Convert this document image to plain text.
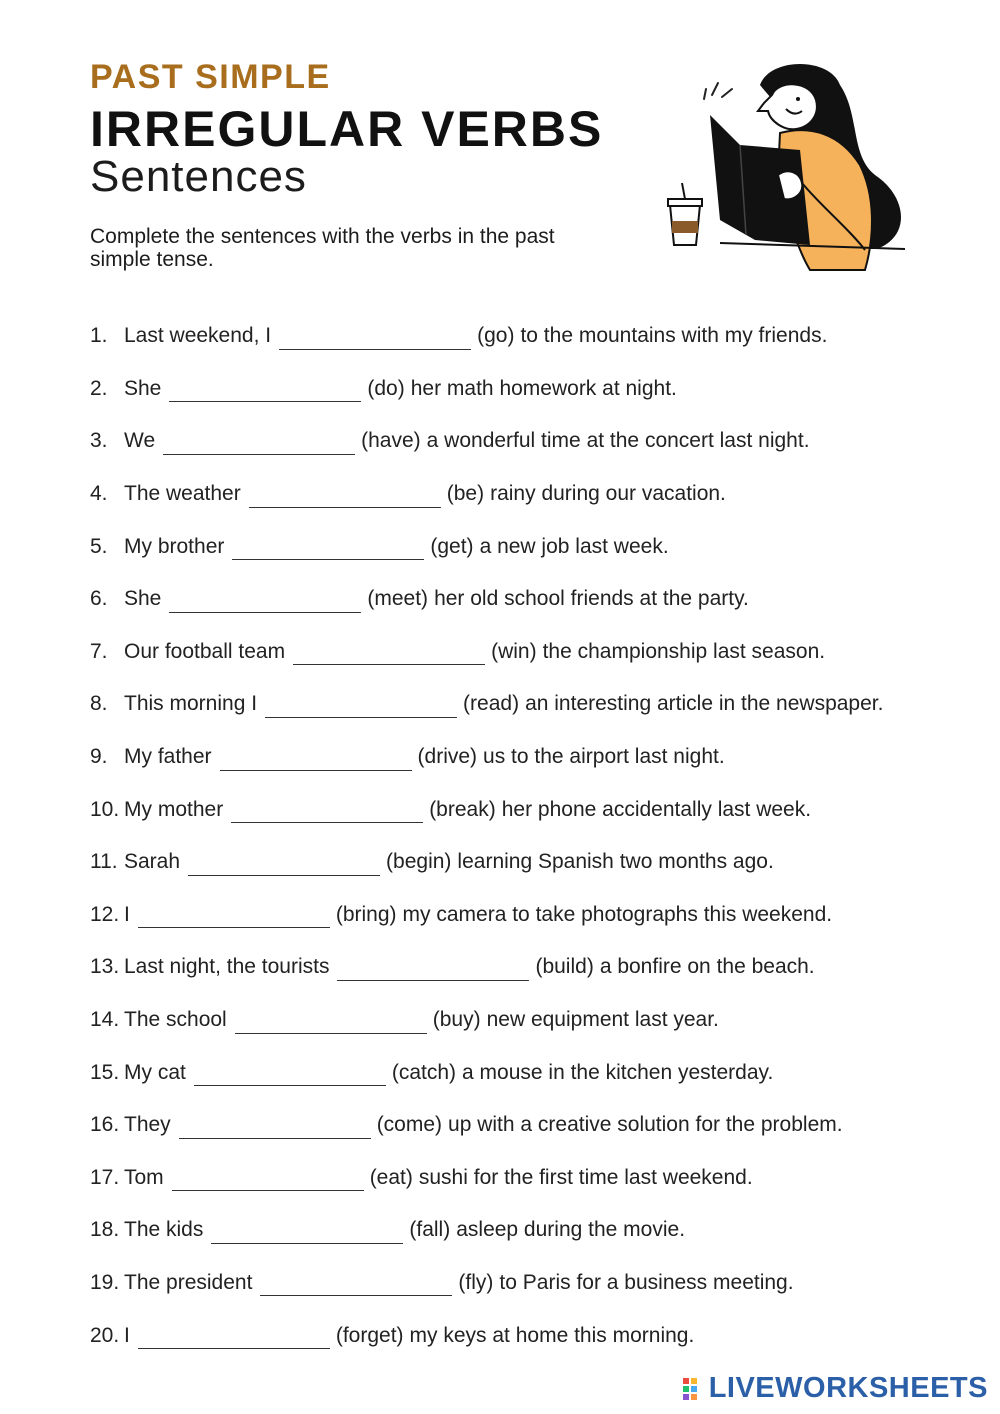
PAST SIMPLE
IRREGULAR VERBS
Sentences
Complete the sentences with the verbs in the past simple tense.
1. Last weekend, I	(go) to the mountains with my friends.
2. She	(do) her math homework at night.
3. We	(have) a wonderful time at the concert last night.
4. The weather	(be) rainy during our vacation.
5. My brother	(get) a new job last week.
6. She	(meet) her old school friends at the party.
7. Our football team	(win) the championship last season.
8. This morning I	(read) an interesting article in the newspaper.
9. My father	(drive) us to the airport last night.
10. My mother	(break) her phone accidentally last week.
11. Sarah	(begin) learning Spanish two months ago.
12. I	(bring) my camera to take photographs this weekend.
13. Last night, the tourists	(build) a bonfire on the beach.
14. The school	(buy) new equipment last year.
15. My cat	(catch) a mouse in the kitchen yesterday.
16. They	(come) up with a creative solution for the problem.
17. Tom	(eat) sushi for the first time last weekend.
18. The kids	(fall) asleep during the movie.
19. The president	(fly) to Paris for a business meeting.
20. I	(forget) my keys at home this morning.
LIVEWORKSHEETS
